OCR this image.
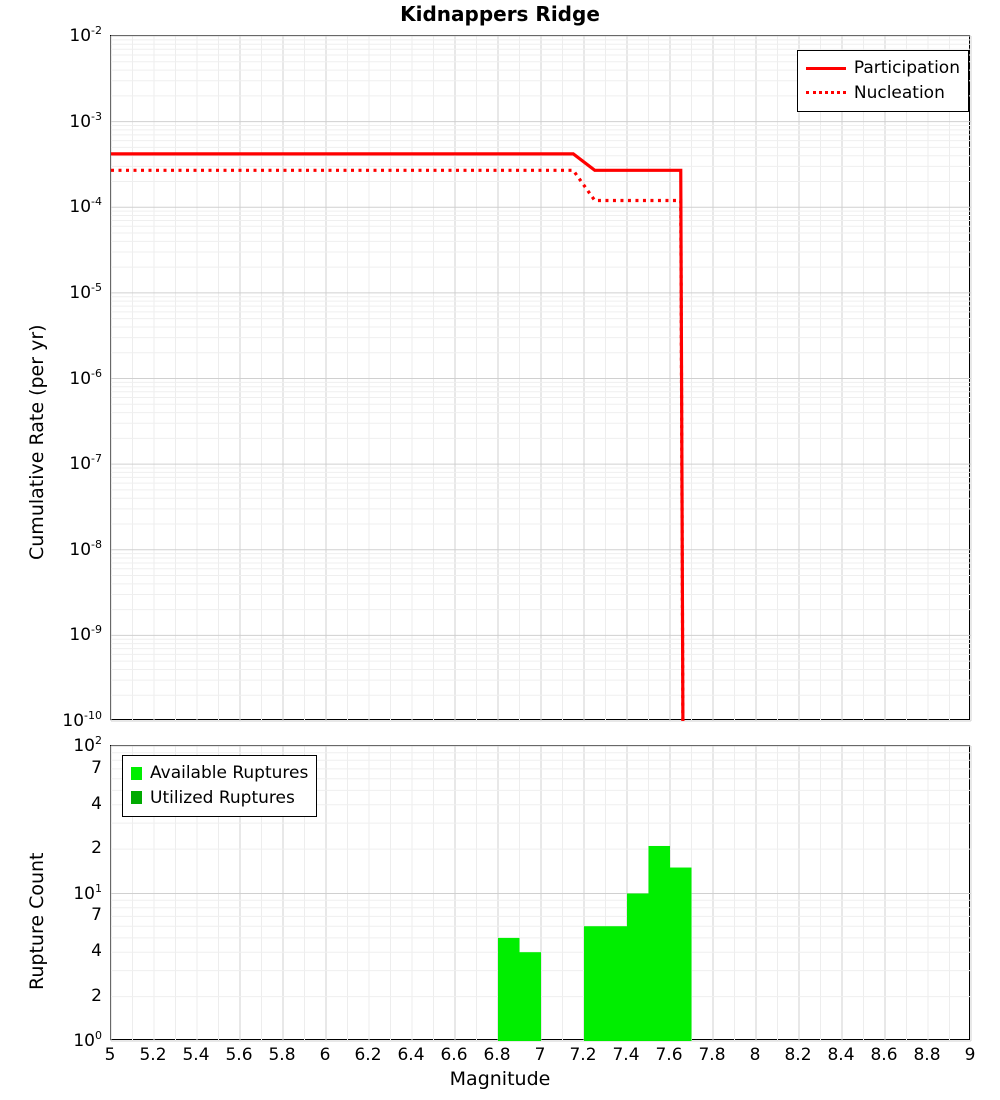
Kidnappers Ridge
Cumulative Rate (per yr)
$10^{-2}$
$10^{-3}$
$10^{-4}$
$10^{-5}$
$10^{-6}$
$10^{-7}$
$10^{-8}$
$10^{-9}$
$10^{-10}$
Participation
Nucleation
Rupture Count
$10^2$
7
4
2
$10^1$
7
4
2
$10^0$
Available Ruptures
Utilized Ruptures
5 5.2 5.4 5.6 5.8 6 6.2 6.4 6.6 6.8 7 7.2 7.4 7.6 7.8 8 8.2 8.4 8.6 8.8 9
Magnitude
